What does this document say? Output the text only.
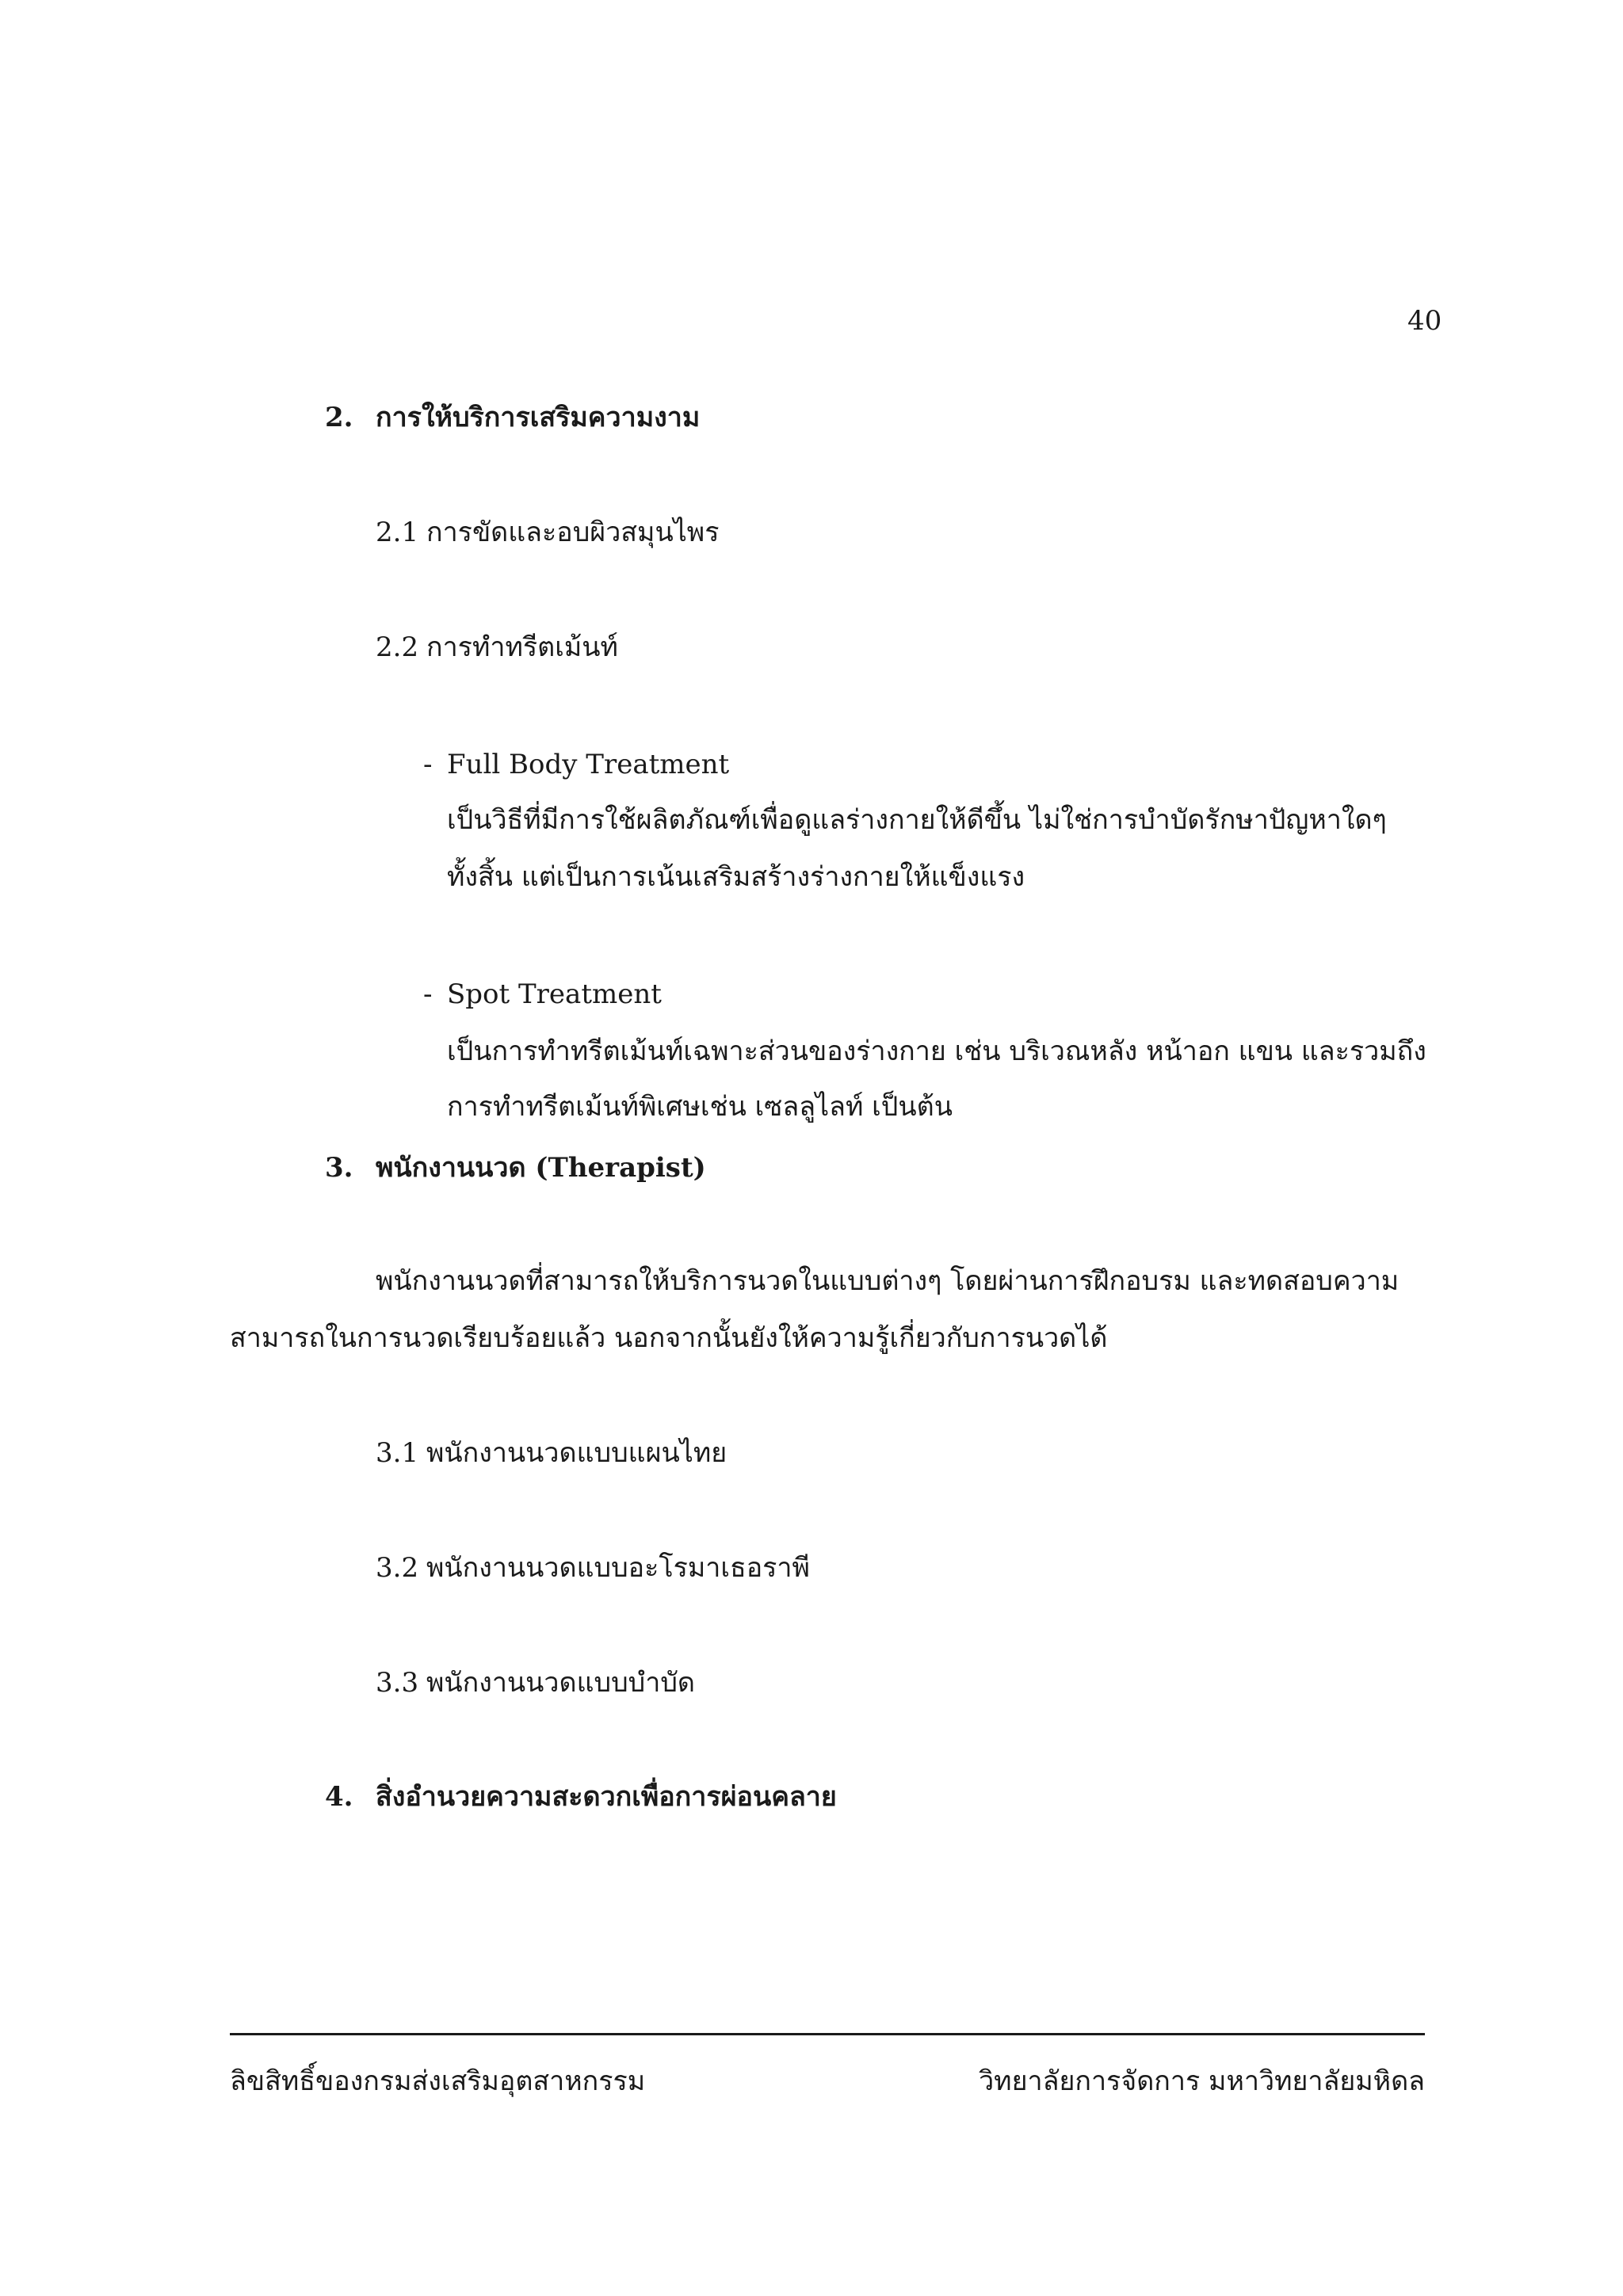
40
2. การให้บริการเสริมความงาม
2.1 การขัดและอบผิวสมุนไพร
2.2 การทำทรีตเม้นท์
- Full Body Treatment
เป็นวิธีที่มีการใช้ผลิตภัณฑ์เพื่อดูแลร่างกายให้ดีขึ้น ไม่ใช่การบำบัดรักษาปัญหาใดๆ
ทั้งสิ้น แต่เป็นการเน้นเสริมสร้างร่างกายให้แข็งแรง
- Spot Treatment
เป็นการทำทรีตเม้นท์เฉพาะส่วนของร่างกาย เช่น บริเวณหลัง หน้าอก แขน และรวมถึง
การทำทรีตเม้นท์พิเศษเช่น เซลลูไลท์ เป็นต้น
3. พนักงานนวด (Therapist)
พนักงานนวดที่สามารถให้บริการนวดในแบบต่างๆ โดยผ่านการฝึกอบรม และทดสอบความ
สามารถในการนวดเรียบร้อยแล้ว นอกจากนั้นยังให้ความรู้เกี่ยวกับการนวดได้
3.1 พนักงานนวดแบบแผนไทย
3.2 พนักงานนวดแบบอะโรมาเธอราพี
3.3 พนักงานนวดแบบบำบัด
4. สิ่งอำนวยความสะดวกเพื่อการผ่อนคลาย
ลิขสิทธิ์ของกรมส่งเสริมอุตสาหกรรม	วิทยาลัยการจัดการ มหาวิทยาลัยมหิดล
